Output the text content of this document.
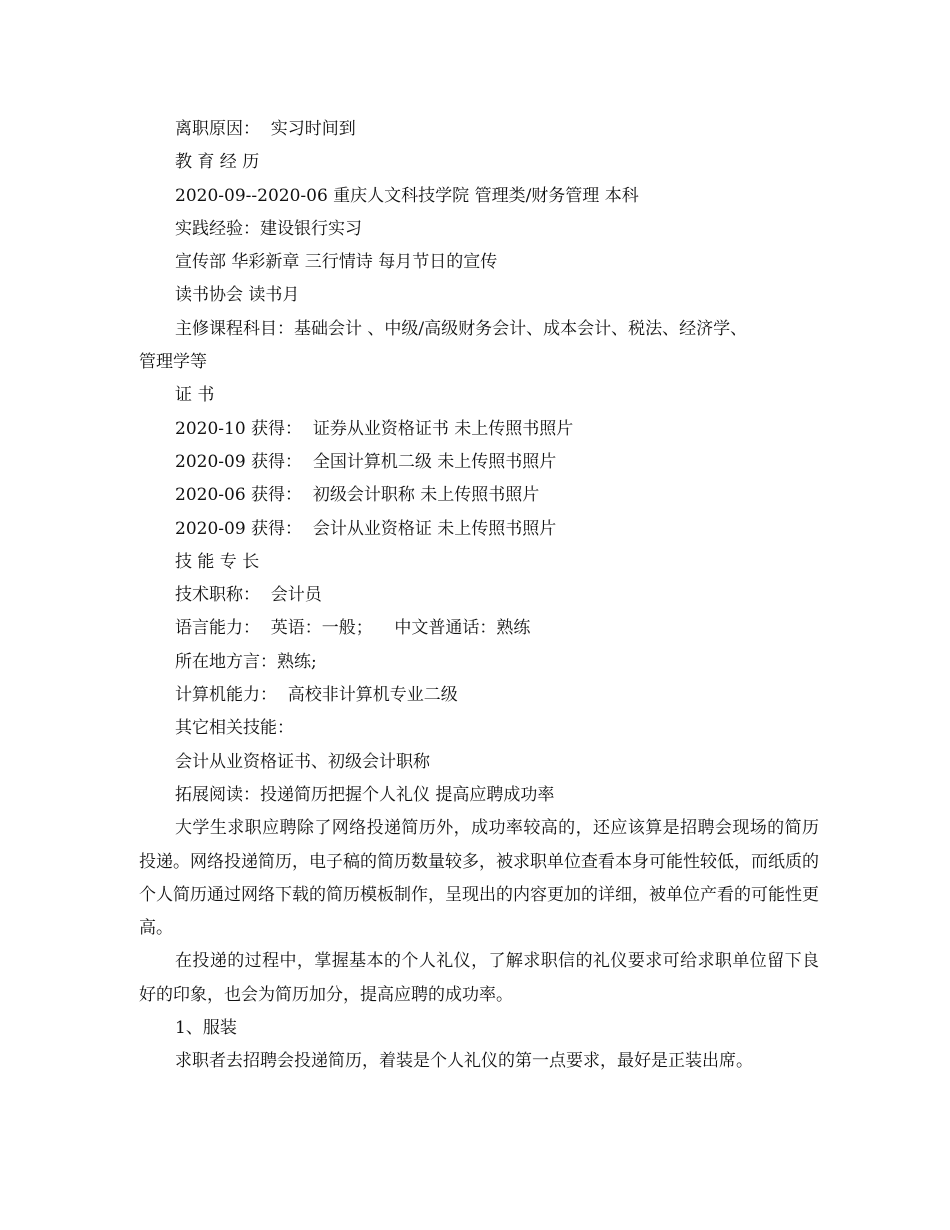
离职原因：  实习时间到
教 育 经 历
2020-09--2020-06 重庆人文科技学院 管理类/财务管理 本科
实践经验：建设银行实习
宣传部 华彩新章 三行情诗 每月节日的宣传
读书协会 读书月
主修课程科目：基础会计 、中级/高级财务会计、成本会计、税法、经济学、
管理学等
证 书
2020-10 获得：  证券从业资格证书 未上传照书照片
2020-09 获得：  全国计算机二级 未上传照书照片
2020-06 获得：  初级会计职称 未上传照书照片
2020-09 获得：  会计从业资格证 未上传照书照片
技 能 专 长
技术职称：  会计员
语言能力：  英语：一般；    中文普通话：熟练
所在地方言：熟练;
计算机能力：  高校非计算机专业二级
其它相关技能：
会计从业资格证书、初级会计职称
拓展阅读：投递简历把握个人礼仪 提高应聘成功率
大学生求职应聘除了网络投递简历外，成功率较高的，还应该算是招聘会现场的简历投递。网络投递简历，电子稿的简历数量较多，被求职单位查看本身可能性较低，而纸质的个人简历通过网络下载的简历模板制作，呈现出的内容更加的详细，被单位产看的可能性更高。
在投递的过程中，掌握基本的个人礼仪，了解求职信的礼仪要求可给求职单位留下良好的印象，也会为简历加分，提高应聘的成功率。
1、服装
求职者去招聘会投递简历，着装是个人礼仪的第一点要求，最好是正装出席。
